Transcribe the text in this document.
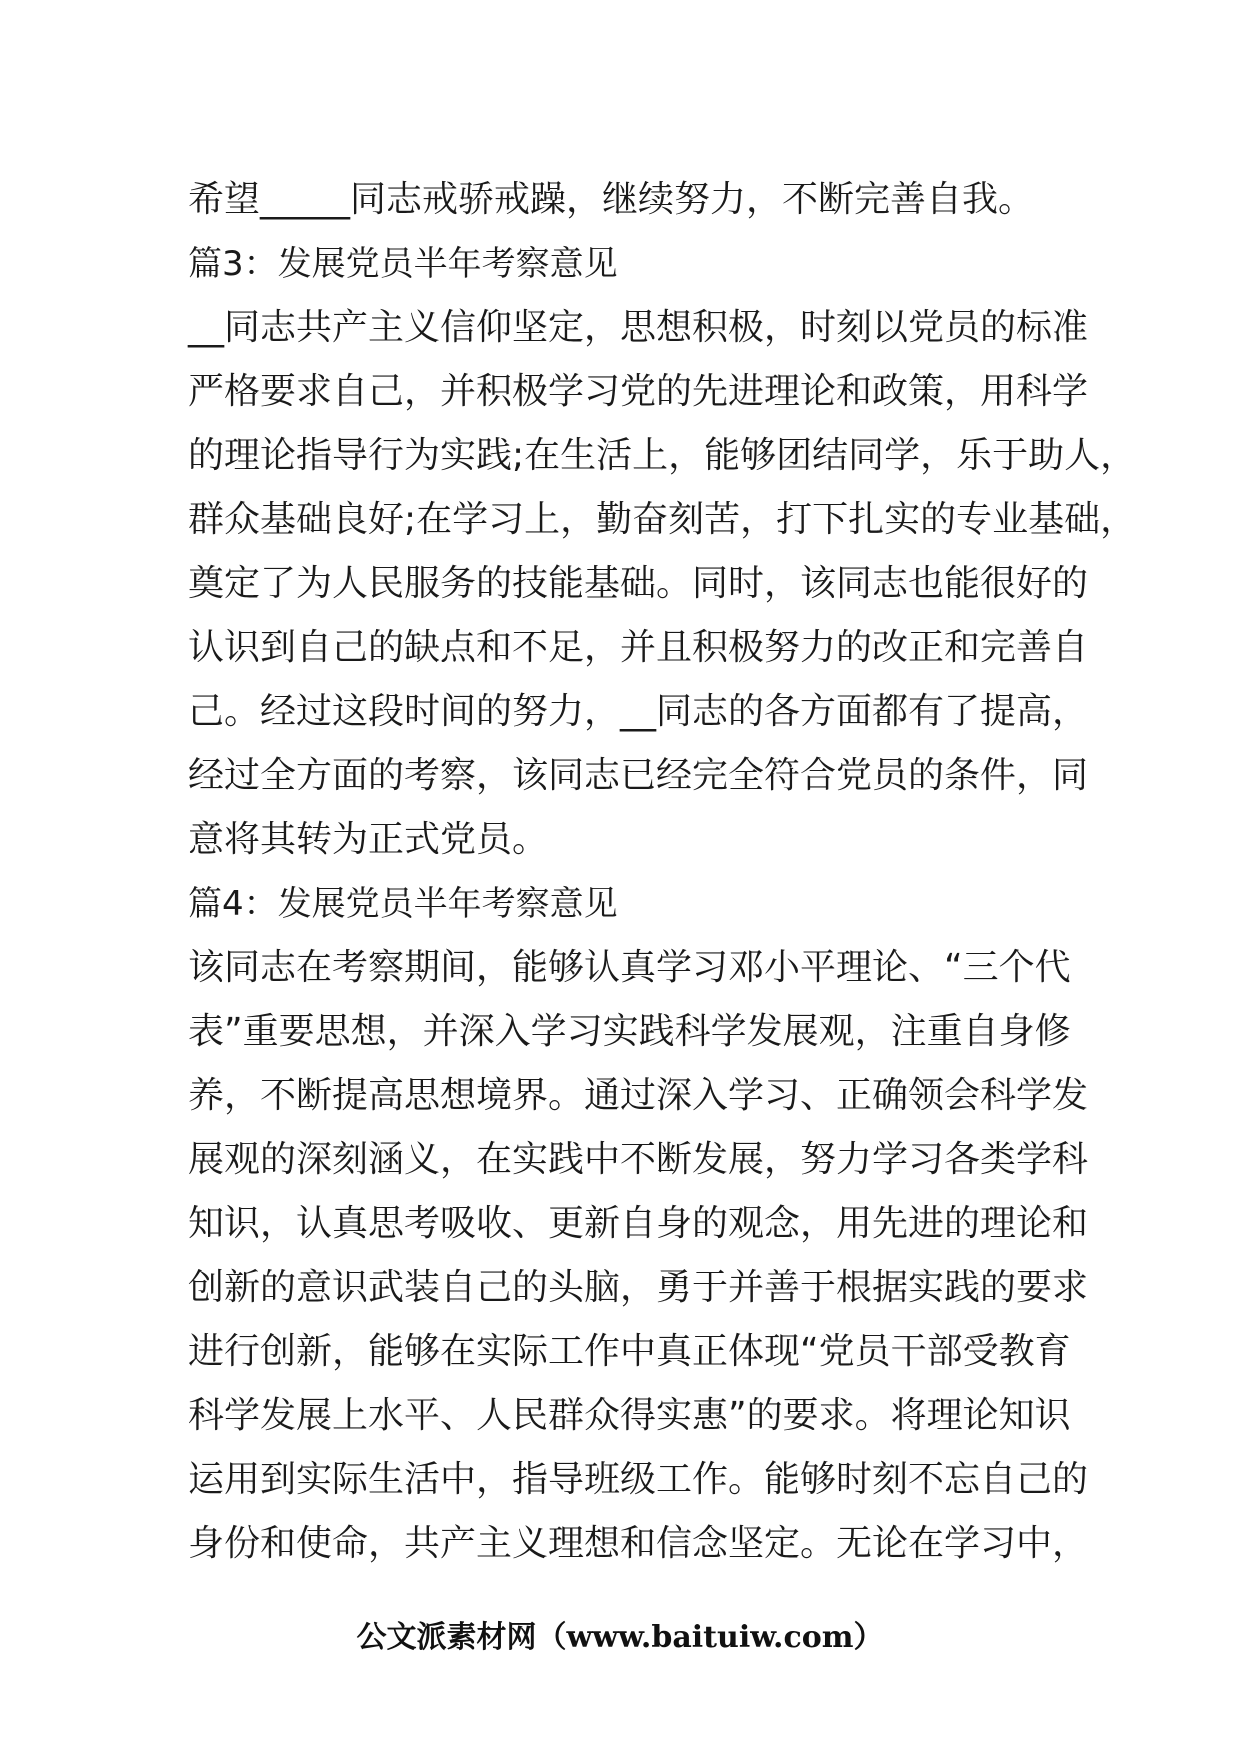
希望_____同志戒骄戒躁，继续努力，不断完善自我。
篇3：发展党员半年考察意见
__同志共产主义信仰坚定，思想积极，时刻以党员的标准
严格要求自己，并积极学习党的先进理论和政策，用科学
的理论指导行为实践;在生活上，能够团结同学，乐于助人，
群众基础良好;在学习上，勤奋刻苦，打下扎实的专业基础，
奠定了为人民服务的技能基础。同时，该同志也能很好的
认识到自己的缺点和不足，并且积极努力的改正和完善自
己。经过这段时间的努力，__同志的各方面都有了提高，
经过全方面的考察，该同志已经完全符合党员的条件，同
意将其转为正式党员。
篇4：发展党员半年考察意见
该同志在考察期间，能够认真学习邓小平理论、“三个代
表”重要思想，并深入学习实践科学发展观，注重自身修
养，不断提高思想境界。通过深入学习、正确领会科学发
展观的深刻涵义，在实践中不断发展，努力学习各类学科
知识，认真思考吸收、更新自身的观念，用先进的理论和
创新的意识武装自己的头脑，勇于并善于根据实践的要求
进行创新，能够在实际工作中真正体现“党员干部受教育
科学发展上水平、人民群众得实惠”的要求。将理论知识
运用到实际生活中，指导班级工作。能够时刻不忘自己的
身份和使命，共产主义理想和信念坚定。无论在学习中，
公文派素材网（www.baituiw.com）
